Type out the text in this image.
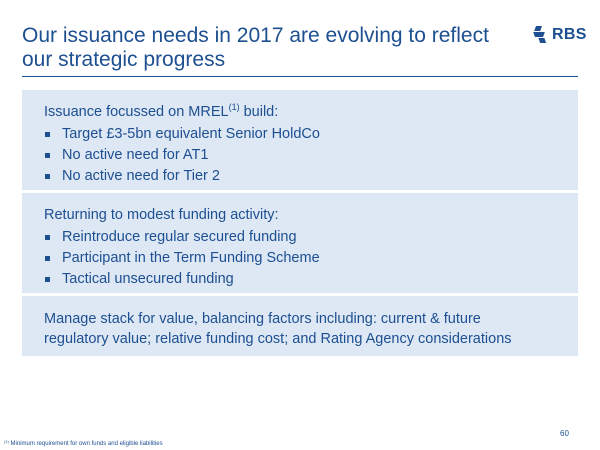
Our issuance needs in 2017 are evolving to reflect our strategic progress
RBS

Issuance focussed on MREL$^{(1)}$ build:

Target £3-5bn equivalent Senior HoldCo
No active need for AT1
No active need for Tier 2

Returning to modest funding activity:

Reintroduce regular secured funding
Participant in the Term Funding Scheme
Tactical unsecured funding
Manage stack for value, balancing factors including: current & future regulatory value; relative funding cost; and Rating Agency considerations
60
$^{(1)}$ Minimum requirement for own funds and eligible liabilities
